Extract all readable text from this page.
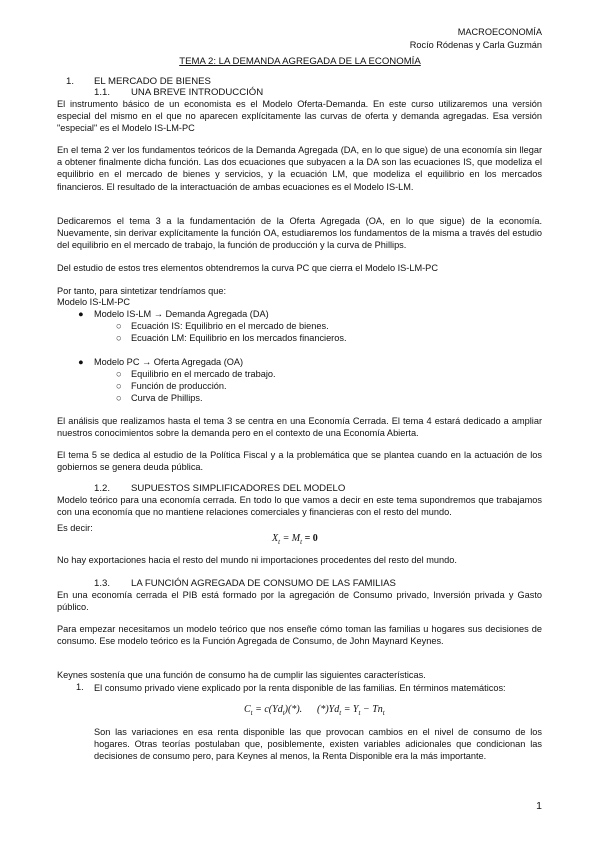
MACROECONOMÍA
Rocío Ródenas y Carla Guzmán
TEMA 2: LA DEMANDA AGREGADA DE LA ECONOMÍA
1. EL MERCADO DE BIENES
1.1. UNA BREVE INTRODUCCIÓN
El instrumento básico de un economista es el Modelo Oferta-Demanda. En este curso utilizaremos una versión especial del mismo en el que no aparecen explícitamente las curvas de oferta y demanda agregadas. Esa versión "especial" es el Modelo IS-LM-PC
En el tema 2 ver los fundamentos teóricos de la Demanda Agregada (DA, en lo que sigue) de una economía sin llegar a obtener finalmente dicha función. Las dos ecuaciones que subyacen a la DA son las ecuaciones IS, que modeliza el equilibrio en el mercado de bienes y servicios, y la ecuación LM, que modeliza el equilibrio en los mercados financieros. El resultado de la interactuación de ambas ecuaciones es el Modelo IS-LM.
Dedicaremos el tema 3 a la fundamentación de la Oferta Agregada (OA, en lo que sigue) de la economía. Nuevamente, sin derivar explícitamente la función OA, estudiaremos los fundamentos de la misma a través del estudio del equilibrio en el mercado de trabajo, la función de producción y la curva de Phillips.
Del estudio de estos tres elementos obtendremos la curva PC que cierra el Modelo IS-LM-PC
Por tanto, para sintetizar tendríamos que:
Modelo IS-LM-PC
● Modelo IS-LM → Demanda Agregada (DA)
○ Ecuación IS: Equilibrio en el mercado de bienes.
○ Ecuación LM: Equilibrio en los mercados financieros.
● Modelo PC → Oferta Agregada (OA)
○ Equilibrio en el mercado de trabajo.
○ Función de producción.
○ Curva de Phillips.
El análisis que realizamos hasta el tema 3 se centra en una Economía Cerrada. El tema 4 estará dedicado a ampliar nuestros conocimientos sobre la demanda pero en el contexto de una Economía Abierta.
El tema 5 se dedica al estudio de la Política Fiscal y a la problemática que se plantea cuando en la actuación de los gobiernos se genera deuda pública.
1.2. SUPUESTOS SIMPLIFICADORES DEL MODELO
Modelo teórico para una economía cerrada. En todo lo que vamos a decir en este tema supondremos que trabajamos con una economía que no mantiene relaciones comerciales y financieras con el resto del mundo.
Es decir:
$X_t = M_t = 0$
No hay exportaciones hacia el resto del mundo ni importaciones procedentes del resto del mundo.
1.3. LA FUNCIÓN AGREGADA DE CONSUMO DE LAS FAMILIAS
En una economía cerrada el PIB está formado por la agregación de Consumo privado, Inversión privada y Gasto público.
Para empezar necesitamos un modelo teórico que nos enseñe cómo toman las familias u hogares sus decisiones de consumo. Ese modelo teórico es la Función Agregada de Consumo, de John Maynard Keynes.
Keynes sostenía que una función de consumo ha de cumplir las siguientes características.
1. El consumo privado viene explicado por la renta disponible de las familias. En términos matemáticos:
$C_t = c(Yd_t)(*)$. $(*)Yd_t = Y_t - Tn_t$
Son las variaciones en esa renta disponible las que provocan cambios en el nivel de consumo de los hogares. Otras teorías postulaban que, posiblemente, existen variables adicionales que condicionan las decisiones de consumo pero, para Keynes al menos, la Renta Disponible era la más importante.
1
